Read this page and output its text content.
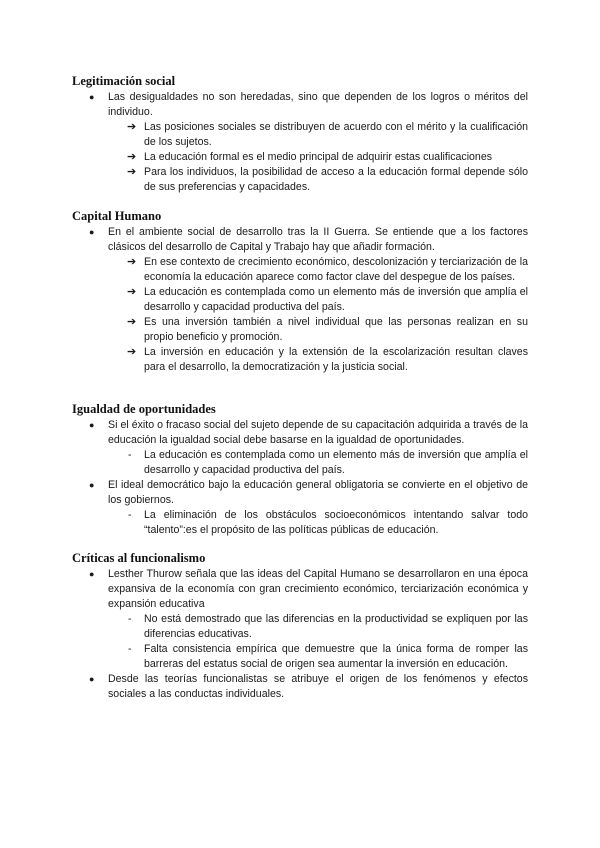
Legitimación social
● Las desigualdades no son heredadas, sino que dependen de los logros o méritos del individuo.
➔ Las posiciones sociales se distribuyen de acuerdo con el mérito y la cualificación de los sujetos.
➔ La educación formal es el medio principal de adquirir estas cualificaciones
➔ Para los individuos, la posibilidad de acceso a la educación formal depende sólo de sus preferencias y capacidades.
Capital Humano
● En el ambiente social de desarrollo tras la II Guerra. Se entiende que a los factores clásicos del desarrollo de Capital y Trabajo hay que añadir formación.
➔ En ese contexto de crecimiento económico, descolonización y terciarización de la economía la educación aparece como factor clave del despegue de los países.
➔ La educación es contemplada como un elemento más de inversión que amplía el desarrollo y capacidad productiva del país.
➔ Es una inversión también a nivel individual que las personas realizan en su propio beneficio y promoción.
➔ La inversión en educación y la extensión de la escolarización resultan claves para el desarrollo, la democratización y la justicia social.
Igualdad de oportunidades
● Si el éxito o fracaso social del sujeto depende de su capacitación adquirida a través de la educación la igualdad social debe basarse en la igualdad de oportunidades.
- La educación es contemplada como un elemento más de inversión que amplía el desarrollo y capacidad productiva del país.
● El ideal democrático bajo la educación general obligatoria se convierte en el objetivo de los gobiernos.
- La eliminación de los obstáculos socioeconómicos intentando salvar todo “talento”:es el propósito de las políticas públicas de educación.
Críticas al funcionalismo
● Lesther Thurow señala que las ideas del Capital Humano se desarrollaron en una época expansiva de la economía con gran crecimiento económico, terciarización económica y expansión educativa
- No está demostrado que las diferencias en la productividad se expliquen por las diferencias educativas.
- Falta consistencia empírica que demuestre que la única forma de romper las barreras del estatus social de origen sea aumentar la inversión en educación.
● Desde las teorías funcionalistas se atribuye el origen de los fenómenos y efectos sociales a las conductas individuales.
